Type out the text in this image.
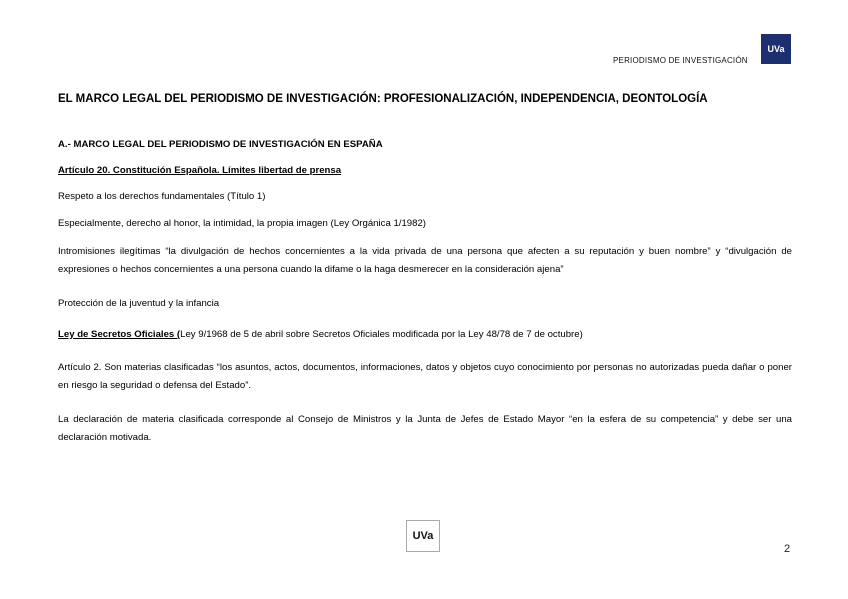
PERIODISMO DE INVESTIGACIÓN
UVa
EL MARCO LEGAL DEL PERIODISMO DE INVESTIGACIÓN: PROFESIONALIZACIÓN, INDEPENDENCIA, DEONTOLOGÍA

A.- MARCO LEGAL DEL PERIODISMO DE INVESTIGACIÓN EN ESPAÑA

Artículo 20. Constitución Española. Límites libertad de prensa

Respeto a los derechos fundamentales (Título 1)

Especialmente, derecho al honor, la intimidad, la propia imagen (Ley Orgánica 1/1982)

Intromisiones ilegítimas “la divulgación de hechos concernientes a la vida privada de una persona que afecten a su reputación y buen nombre” y “divulgación de expresiones o hechos concernientes a una persona cuando la difame o la haga desmerecer en la consideración ajena”

Protección de la juventud y la infancia

Ley de Secretos Oficiales (Ley 9/1968 de 5 de abril sobre Secretos Oficiales modificada por la Ley 48/78 de 7 de octubre)

Artículo 2. Son materias clasificadas “los asuntos, actos, documentos, informaciones, datos y objetos cuyo conocimiento por personas no autorizadas pueda dañar o poner en riesgo la seguridad o defensa del Estado”.

La declaración de materia clasificada corresponde al Consejo de Ministros y la Junta de Jefes de Estado Mayor “en la esfera de su competencia” y debe ser una declaración motivada.

UVa
2
